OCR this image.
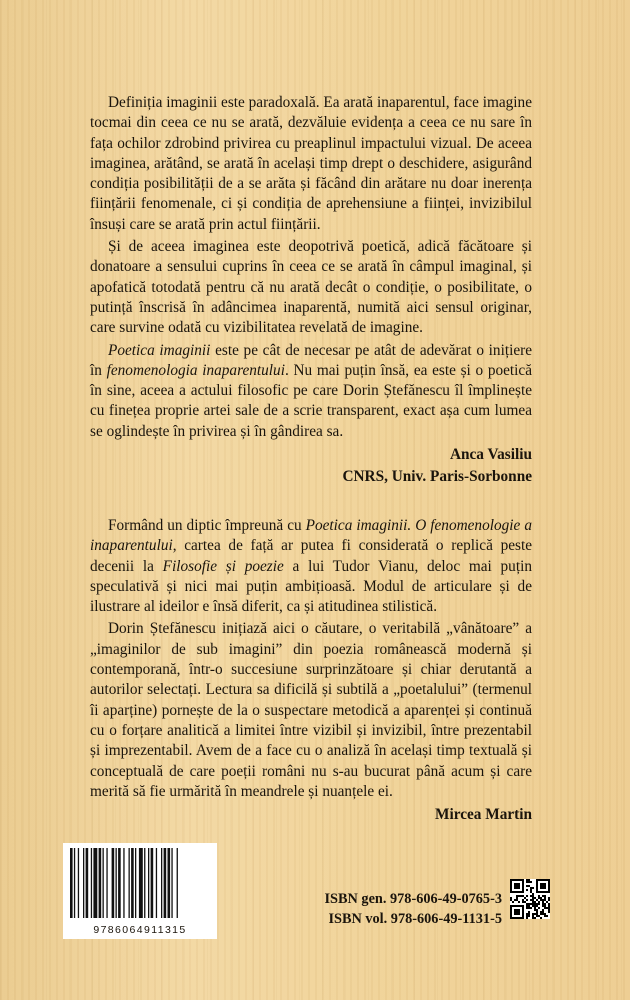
Definiția imaginii este paradoxală. Ea arată inaparentul, face imagine tocmai din ceea ce nu se arată, dezvăluie evidența a ceea ce nu sare în fața ochilor zdrobind privirea cu preaplinul impactului vizual. De aceea imaginea, arătând, se arată în același timp drept o deschidere, asigurând condiția posibilității de a se arăta și făcând din arătare nu doar inerența ființării fenomenale, ci și condiția de aprehensiune a ființei, invizibilul însuși care se arată prin actul ființării.

Și de aceea imaginea este deopotrivă poetică, adică făcătoare și donatoare a sensului cuprins în ceea ce se arată în câmpul imaginal, și apofatică totodată pentru că nu arată decât o condiție, o posibilitate, o putință înscrisă în adâncimea inaparentă, numită aici sensul originar, care survine odată cu vizibilitatea revelată de imagine.

Poetica imaginii este pe cât de necesar pe atât de adevărat o inițiere în fenomenologia inaparentului. Nu mai puțin însă, ea este și o poetică în sine, aceea a actului filosofic pe care Dorin Ștefănescu îl împlinește cu finețea proprie artei sale de a scrie transparent, exact așa cum lumea se oglindește în privirea și în gândirea sa.

Anca Vasiliu

CNRS, Univ. Paris-Sorbonne

Formând un diptic împreună cu Poetica imaginii. O fenomenologie a inaparentului, cartea de față ar putea fi considerată o replică peste decenii la Filosofie și poezie a lui Tudor Vianu, deloc mai puțin speculativă și nici mai puțin ambițioasă. Modul de articulare și de ilustrare al ideilor e însă diferit, ca și atitudinea stilistică.

Dorin Ștefănescu inițiază aici o căutare, o veritabilă „vânătoare” a „imaginilor de sub imagini” din poezia românească modernă și contemporană, într-o succesiune surprinzătoare și chiar derutantă a autorilor selectați. Lectura sa dificilă și subtilă a „poetalului” (termenul îi aparține) pornește de la o suspectare metodică a aparenței și continuă cu o forțare analitică a limitei între vizibil și invizibil, între prezentabil și imprezentabil. Avem de a face cu o analiză în același timp textuală și conceptuală de care poeții români nu s-au bucurat până acum și care merită să fie urmărită în meandrele și nuanțele ei.

Mircea Martin

9786064911315
ISBN gen. 978-606-49-0765-3
ISBN vol. 978-606-49-1131-5
